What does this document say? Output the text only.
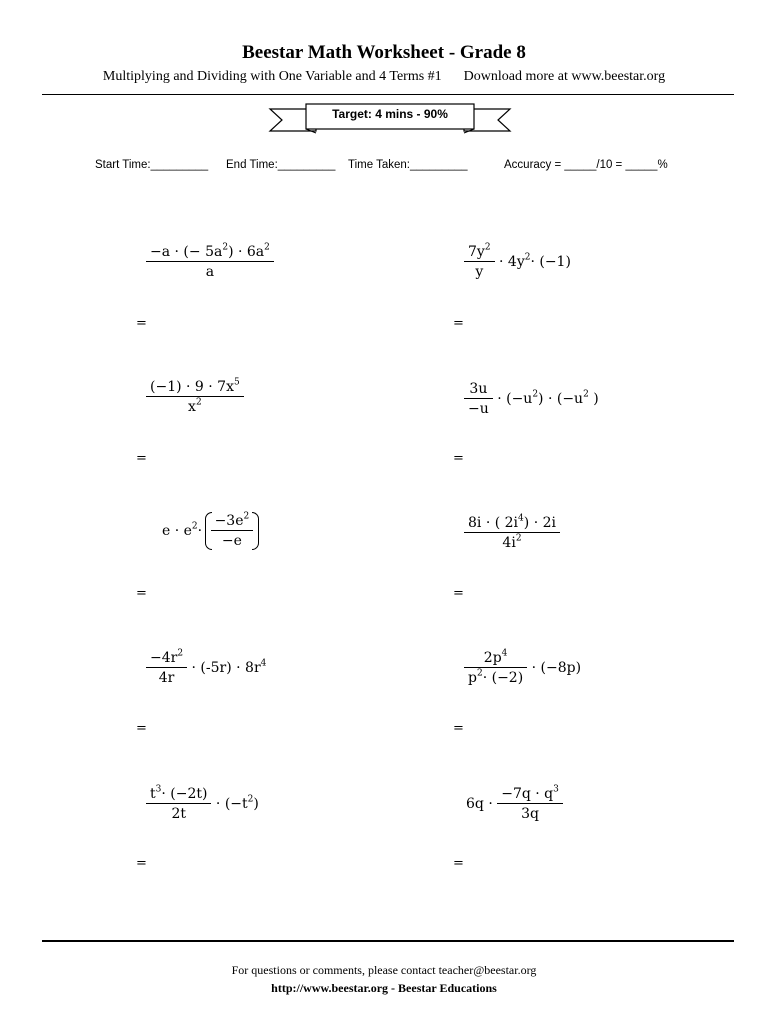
Beestar Math Worksheet - Grade 8
Multiplying and Dividing with One Variable and 4 Terms #1 Download more at www.beestar.org
Target: 4 mins - 90%
Start Time:_________ End Time:_________ Time Taken:_________	Accuracy = _____/10 = _____%
$\frac{-a \cdot (- 5a^2) \cdot 6a^2}{a}$
=
$\frac{7y^2}{y} \cdot 4y^2\cdot (-1)$
=
$\frac{(-1) \cdot 9 \cdot 7x^5}{x^2}$
=
$\frac{3u}{-u} \cdot (-u^2) \cdot (-u^2$ )
=
$e \cdot e^2\cdot \frac{-3e^2}{-e}$
=
$\frac{8i \cdot ( 2i^4) \cdot 2i}{4i^2}$
=
$\frac{-4r^2}{4r} \cdot (-5r) \cdot 8r^4$
=
$\frac{2p^4}{p^2\cdot (-2)} \cdot (-8p)$
=
$\frac{t^3\cdot (-2t)}{2t} \cdot (-t^2)$
=
$6q \cdot \frac{-7q \cdot q^3}{3q}$
=
For questions or comments, please contact teacher@beestar.org
http://www.beestar.org - Beestar Educations
